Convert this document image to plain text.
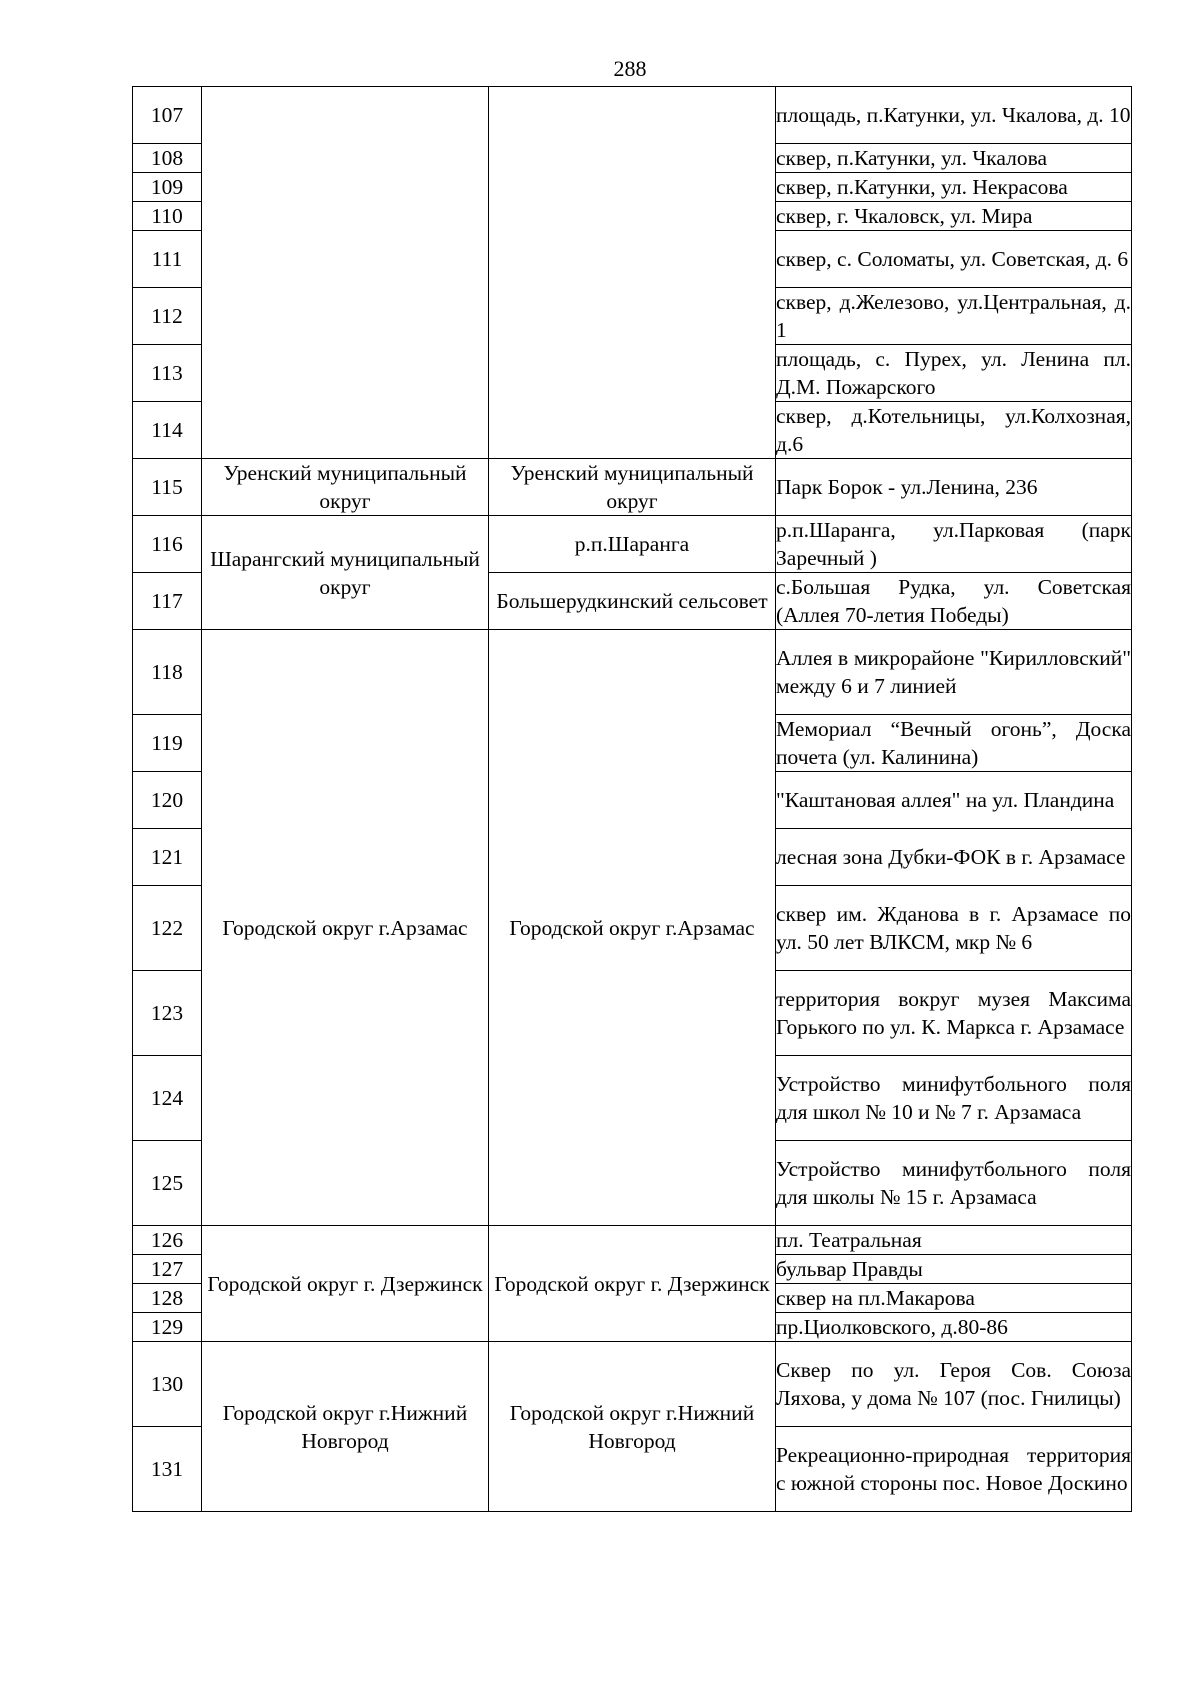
288
107			площадь, п.Катунки, ул. Чкалова, д. 10
108			сквер, п.Катунки, ул. Чкалова
109			сквер, п.Катунки, ул. Некрасова
110			сквер, г. Чкаловск, ул. Мира
111			сквер, с. Соломаты, ул. Советская, д. 6
112			сквер, д.Железово, ул.Центральная, д. 1
113			площадь, с. Пурех, ул. Ленина пл. Д.М. Пожарского
114			сквер, д.Котельницы, ул.Колхозная, д.6
115	Уренский муниципальный округ	Уренский муниципальный округ	Парк Борок - ул.Ленина, 236
116	Шарангский муниципальный округ	р.п.Шаранга	р.п.Шаранга, ул.Парковая (парк Заречный )
117		Большерудкинский сельсовет	с.Большая Рудка, ул. Советская (Аллея 70-летия Победы)
118	Городской округ г.Арзамас	Городской округ г.Арзамас	Аллея в микрорайоне "Кирилловский" между 6 и 7 линией
119			Мемориал “Вечный огонь”, Доска почета (ул. Калинина)
120			"Каштановая аллея" на ул. Пландина
121			лесная зона Дубки-ФОК в г. Арзамасе
122			сквер им. Жданова в г. Арзамасе по ул. 50 лет ВЛКСМ, мкр № 6
123			территория вокруг музея Максима Горького по ул. К. Маркса г. Арзамасе
124			Устройство минифутбольного поля для школ № 10 и № 7 г. Арзамаса
125			Устройство минифутбольного поля для школы № 15 г. Арзамаса
126	Городской округ г. Дзержинск	Городской округ г. Дзержинск	пл. Театральная
127			бульвар Правды
128			сквер на пл.Макарова
129			пр.Циолковского, д.80-86
130	Городской округ г.Нижний Новгород	Городской округ г.Нижний Новгород	Сквер по ул. Героя Сов. Союза Ляхова, у дома № 107 (пос. Гнилицы)
131			Рекреационно-природная территория с южной стороны пос. Новое Доскино
